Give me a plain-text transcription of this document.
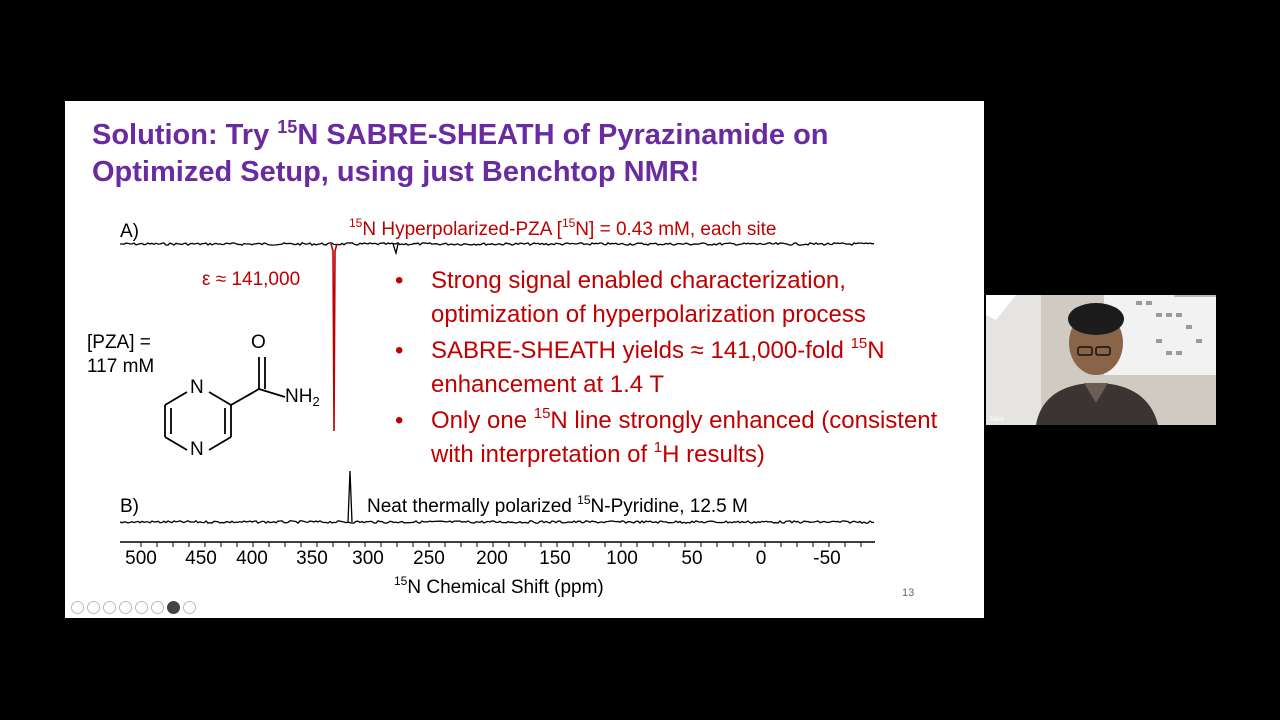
Solution: Try $^{15}$N SABRE-SHEATH of Pyrazinamide on Optimized Setup, using just Benchtop NMR!
A)	$^{15}$N Hyperpolarized-PZA [$^{15}$N] = 0.43 mM, each site
ε ≈ 141,000
[PZA] =
117 mM
O
$NH_2$
N
N
• Strong signal enabled characterization, optimization of hyperpolarization process
• SABRE-SHEATH yields ≈ 141,000-fold $^{15}$N enhancement at 1.4 T
• Only one $^{15}$N line strongly enhanced (consistent with interpretation of $^1$H results)
B)	Neat thermally polarized $^{15}$N-Pyridine, 12.5 M
500 450 400 350 300 250 200 150 100 50	0 -50
$^{15}$N Chemical Shift (ppm)	13
Zahid
